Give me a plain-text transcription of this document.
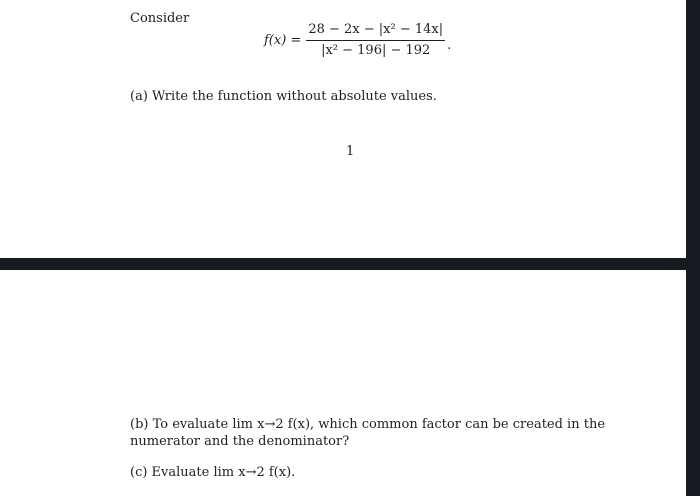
Consider
$f(x) = \frac{\text{28 − 2x − |x² − 14x|}}{\text{|x² − 196| − 192}}$ .
(a) Write the function without absolute values.
1
(b) To evaluate lim x→2 f(x), which common factor can be created in the
numerator and the denominator?
(c) Evaluate lim x→2 f(x).
